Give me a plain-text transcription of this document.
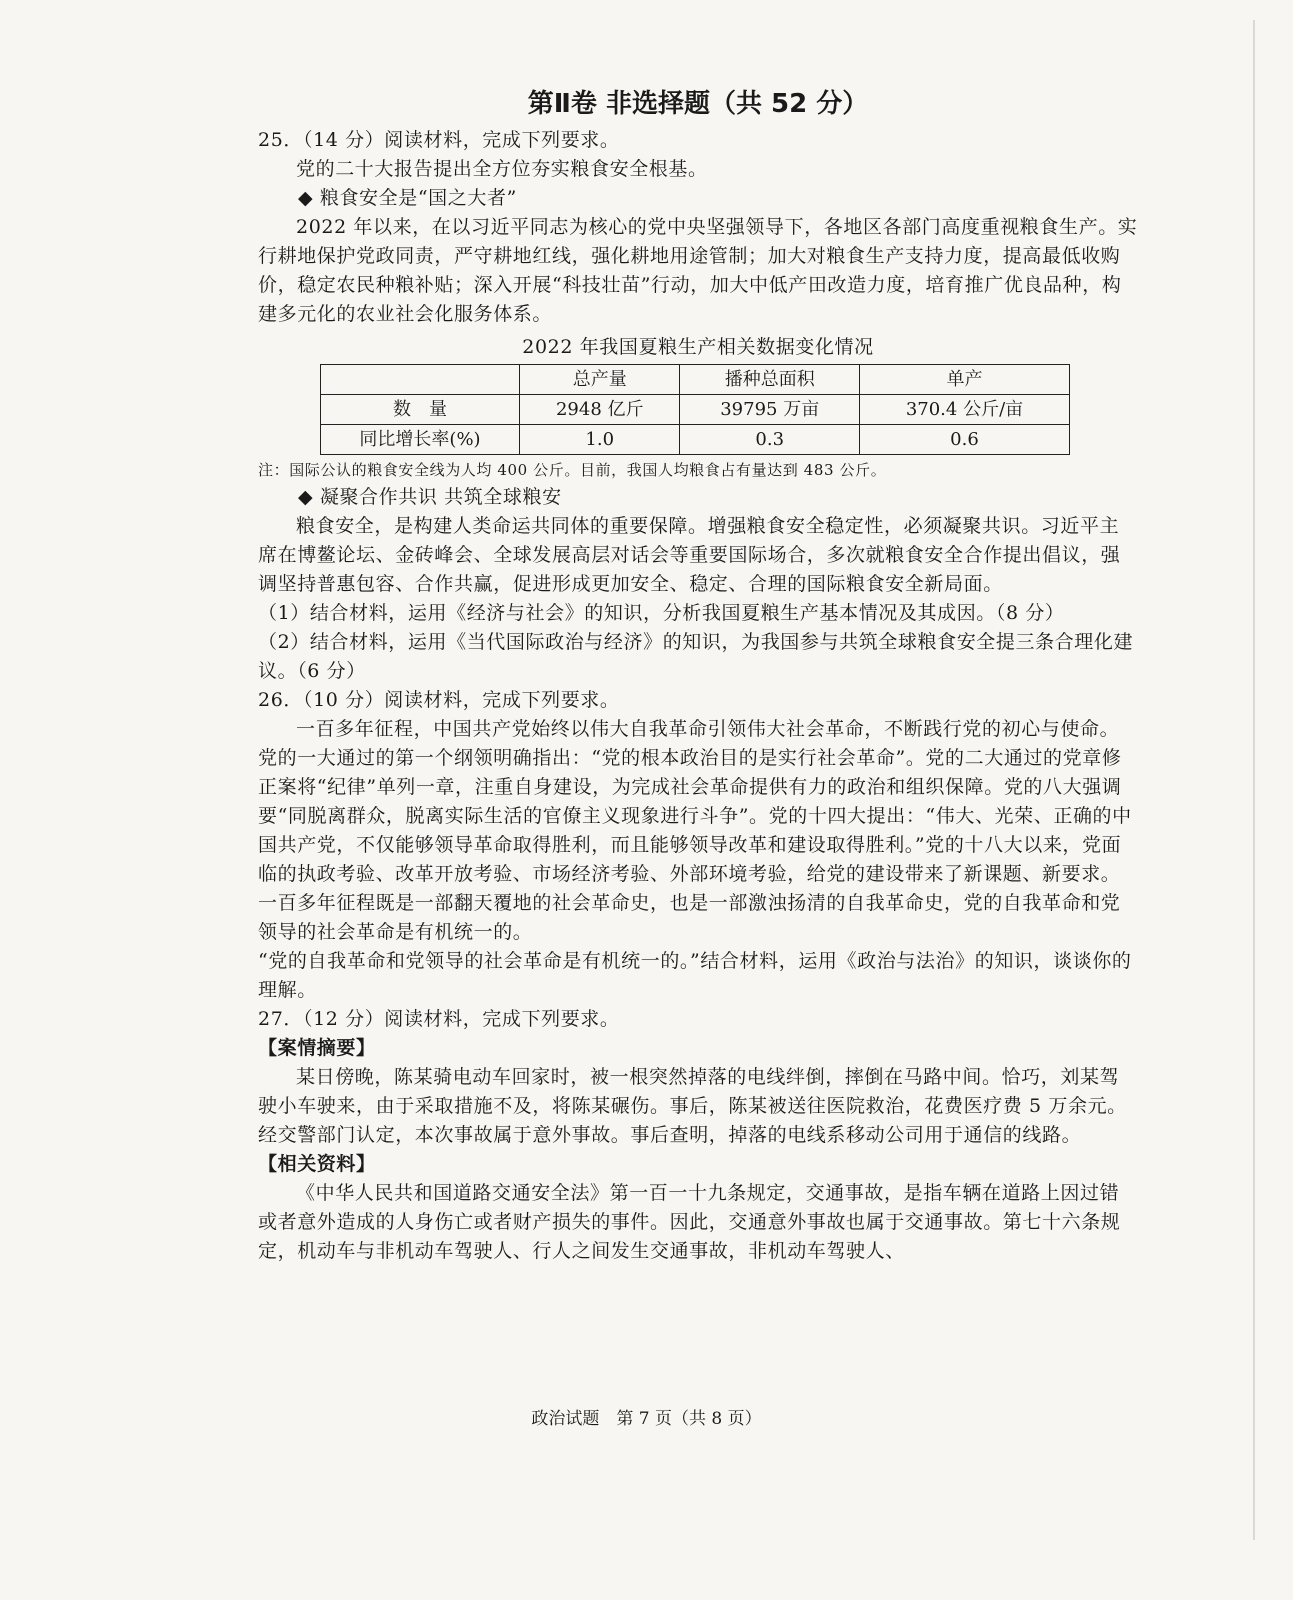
第Ⅱ卷 非选择题（共 52 分）

25．（14 分）阅读材料，完成下列要求。

党的二十大报告提出全方位夯实粮食安全根基。

◆ 粮食安全是“国之大者”

2022 年以来，在以习近平同志为核心的党中央坚强领导下，各地区各部门高度重视粮食生产。实行耕地保护党政同责，严守耕地红线，强化耕地用途管制；加大对粮食生产支持力度，提高最低收购价，稳定农民种粮补贴；深入开展“科技壮苗”行动，加大中低产田改造力度，培育推广优良品种，构建多元化的农业社会化服务体系。

2022 年我国夏粮生产相关数据变化情况

	总产量	播种总面积	单产
数　量	2948 亿斤	39795 万亩	370.4 公斤/亩
同比增长率(%)	1.0	0.3	0.6

注：国际公认的粮食安全线为人均 400 公斤。目前，我国人均粮食占有量达到 483 公斤。

◆ 凝聚合作共识 共筑全球粮安

粮食安全，是构建人类命运共同体的重要保障。增强粮食安全稳定性，必须凝聚共识。习近平主席在博鳌论坛、金砖峰会、全球发展高层对话会等重要国际场合，多次就粮食安全合作提出倡议，强调坚持普惠包容、合作共赢，促进形成更加安全、稳定、合理的国际粮食安全新局面。

（1）结合材料，运用《经济与社会》的知识，分析我国夏粮生产基本情况及其成因。（8 分）

（2）结合材料，运用《当代国际政治与经济》的知识，为我国参与共筑全球粮食安全提三条合理化建议。（6 分）

26．（10 分）阅读材料，完成下列要求。

一百多年征程，中国共产党始终以伟大自我革命引领伟大社会革命，不断践行党的初心与使命。党的一大通过的第一个纲领明确指出：“党的根本政治目的是实行社会革命”。党的二大通过的党章修正案将“纪律”单列一章，注重自身建设，为完成社会革命提供有力的政治和组织保障。党的八大强调要“同脱离群众，脱离实际生活的官僚主义现象进行斗争”。党的十四大提出：“伟大、光荣、正确的中国共产党，不仅能够领导革命取得胜利，而且能够领导改革和建设取得胜利。”党的十八大以来，党面临的执政考验、改革开放考验、市场经济考验、外部环境考验，给党的建设带来了新课题、新要求。一百多年征程既是一部翻天覆地的社会革命史，也是一部激浊扬清的自我革命史，党的自我革命和党领导的社会革命是有机统一的。

“党的自我革命和党领导的社会革命是有机统一的。”结合材料，运用《政治与法治》的知识，谈谈你的理解。

27．（12 分）阅读材料，完成下列要求。

【案情摘要】

某日傍晚，陈某骑电动车回家时，被一根突然掉落的电线绊倒，摔倒在马路中间。恰巧，刘某驾驶小车驶来，由于采取措施不及，将陈某碾伤。事后，陈某被送往医院救治，花费医疗费 5 万余元。经交警部门认定，本次事故属于意外事故。事后查明，掉落的电线系移动公司用于通信的线路。

【相关资料】

《中华人民共和国道路交通安全法》第一百一十九条规定，交通事故，是指车辆在道路上因过错或者意外造成的人身伤亡或者财产损失的事件。因此，交通意外事故也属于交通事故。第七十六条规定，机动车与非机动车驾驶人、行人之间发生交通事故，非机动车驾驶人、

政治试题　第 7 页（共 8 页）
